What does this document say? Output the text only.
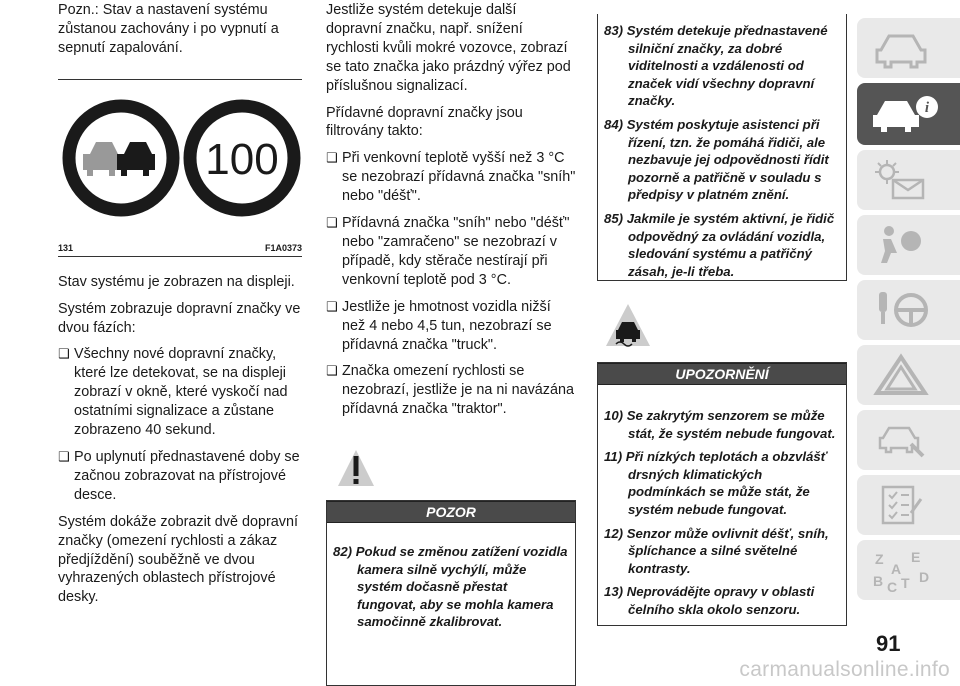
Pozn.: Stav a nastavení systému zůstanou zachovány i po vypnutí a sepnutí zapalování.

100
131	F1A0373

Stav systému je zobrazen na displeji.

Systém zobrazuje dopravní značky ve dvou fázích:

❑ Všechny nové dopravní značky, které lze detekovat, se na displeji zobrazí v okně, které vyskočí nad ostatními signalizace a zůstane zobrazeno 40 sekund.
❑ Po uplynutí přednastavené doby se začnou zobrazovat na přístrojové desce.

Systém dokáže zobrazit dvě dopravní značky (omezení rychlosti a zákaz předjíždění) souběžně ve dvou vyhrazených oblastech přístrojové desky.

Jestliže systém detekuje další dopravní značku, např. snížení rychlosti kvůli mokré vozovce, zobrazí se tato značka jako prázdný výřez pod příslušnou signalizací.

Přídavné dopravní značky jsou filtrovány takto:

❑ Při venkovní teplotě vyšší než 3 °C se nezobrazí přídavná značka "sníh" nebo "déšť".
❑ Přídavná značka "sníh" nebo "déšť" nebo "zamračeno" se nezobrazí v případě, kdy stěrače nestírají při venkovní teplotě pod 3 °C.
❑ Jestliže je hmotnost vozidla nižší než 4 nebo 4,5 tun, nezobrazí se přídavná značka "truck".
❑ Značka omezení rychlosti se nezobrazí, jestliže je na ni navázána přídavná značka "traktor".
POZOR

82) Pokud se změnou zatížení vozidla kamera silně vychýlí, může systém dočasně přestat fungovat, aby se mohla kamera samočinně zkalibrovat.

83) Systém detekuje přednastavené silniční značky, za dobré viditelnosti a vzdálenosti od značek vidí všechny dopravní značky.

84) Systém poskytuje asistenci při řízení, tzn. že pomáhá řidiči, ale nezbavuje jej odpovědnosti řídit pozorně a patřičně v souladu s předpisy v platném znění.

85) Jakmile je systém aktivní, je řidič odpovědný za ovládání vozidla, sledování systému a patřičný zásah, je-li třeba.

UPOZORNĚNÍ

10) Se zakrytým senzorem se může stát, že systém nebude fungovat.

11) Při nízkých teplotách a obzvlášť drsných klimatických podmínkách se může stát, že systém nebude fungovat.

12) Senzor může ovlivnit déšť, sníh, šplíchance a silné světelné kontrasty.

13) Neprovádějte opravy v oblasti čelního skla okolo senzoru.

i
Z
A
E
B C T D
91
carmanualsonline.info
